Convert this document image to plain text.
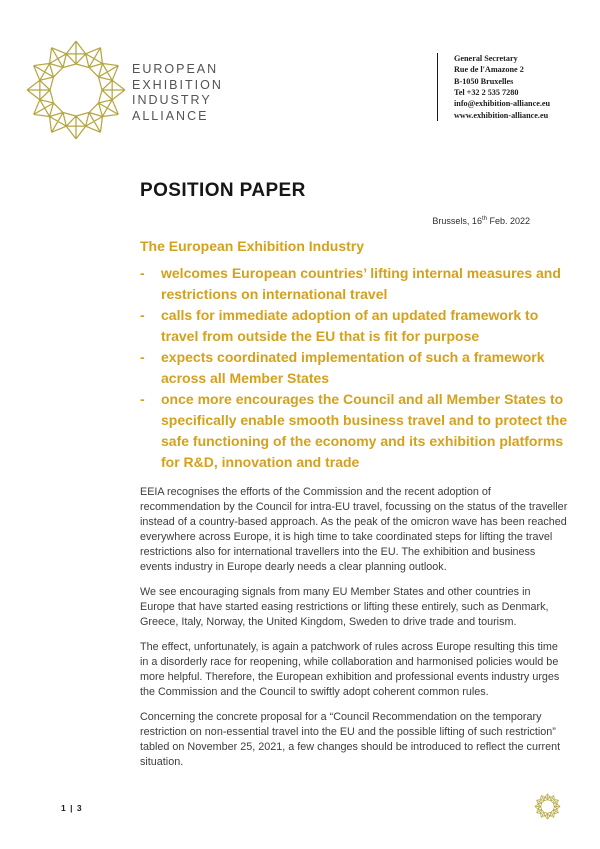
EUROPEAN
EXHIBITION
INDUSTRY
ALLIANCE
General Secretary
Rue de l'Amazone 2
B-1050 Bruxelles
Tel +32 2 535 7280
info@exhibition-alliance.eu
www.exhibition-alliance.eu
POSITION PAPER
Brussels, 16th Feb. 2022
The European Exhibition Industry
-	welcomes European countries’ lifting internal measures and restrictions on international travel
-	calls for immediate adoption of an updated framework to travel from outside the EU that is fit for purpose
-	expects coordinated implementation of such a framework across all Member States
-	once more encourages the Council and all Member States to specifically enable smooth business travel and to protect the safe functioning of the economy and its exhibition platforms for R&D, innovation and trade

EEIA recognises the efforts of the Commission and the recent adoption of recommendation by the Council for intra-EU travel, focussing on the status of the traveller instead of a country-based approach. As the peak of the omicron wave has been reached everywhere across Europe, it is high time to take coordinated steps for lifting the travel restrictions also for international travellers into the EU. The exhibition and business events industry in Europe dearly needs a clear planning outlook.

We see encouraging signals from many EU Member States and other countries in Europe that have started easing restrictions or lifting these entirely, such as Denmark, Greece, Italy, Norway, the United Kingdom, Sweden to drive trade and tourism.

The effect, unfortunately, is again a patchwork of rules across Europe resulting this time in a disorderly race for reopening, while collaboration and harmonised policies would be more helpful. Therefore, the European exhibition and professional events industry urges the Commission and the Council to swiftly adopt coherent common rules.

Concerning the concrete proposal for a “Council Recommendation on the temporary restriction on non-essential travel into the EU and the possible lifting of such restriction” tabled on November 25, 2021, a few changes should be introduced to reflect the current situation.

1 | 3
